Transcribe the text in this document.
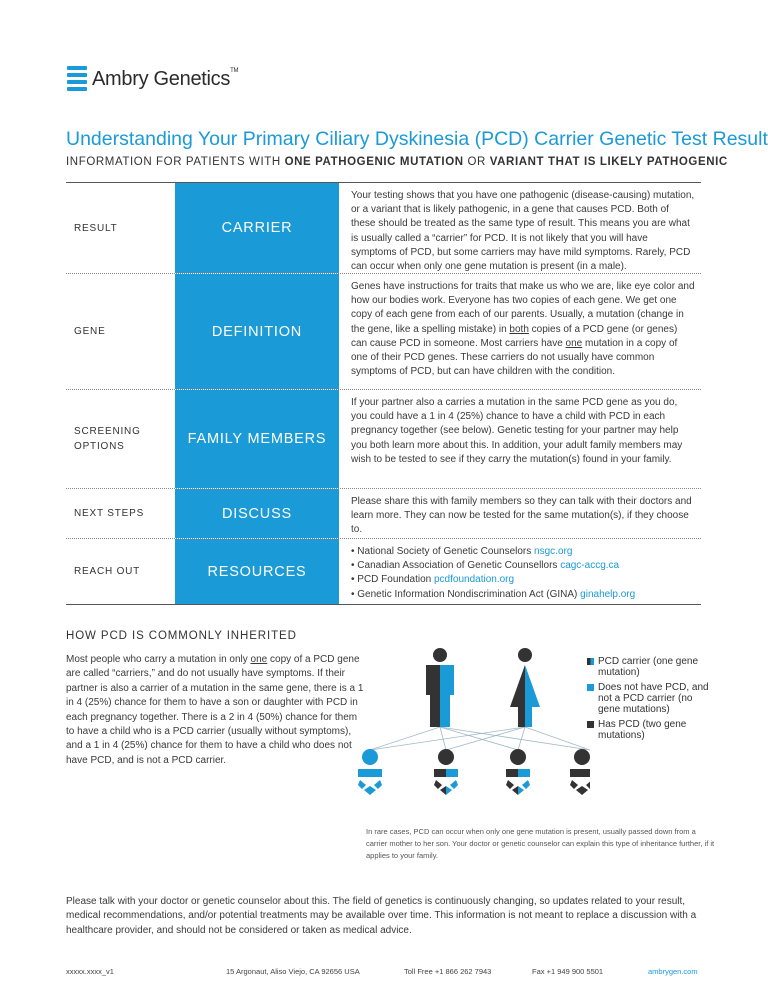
Ambry Genetics™
Understanding Your Primary Ciliary Dyskinesia (PCD) Carrier Genetic Test Result
INFORMATION FOR PATIENTS WITH ONE PATHOGENIC MUTATION OR VARIANT THAT IS LIKELY PATHOGENIC
RESULT	CARRIER
Your testing shows that you have one pathogenic (disease-causing) mutation, or a variant that is likely pathogenic, in a gene that causes PCD. Both of these should be treated as the same type of result. This means you are what is usually called a “carrier” for PCD. It is not likely that you will have symptoms of PCD, but some carriers may have mild symptoms. Rarely, PCD can occur when only one gene mutation is present (in a male).
GENE	DEFINITION
Genes have instructions for traits that make us who we are, like eye color and how our bodies work. Everyone has two copies of each gene. We get one copy of each gene from each of our parents. Usually, a mutation (change in the gene, like a spelling mistake) in both copies of a PCD gene (or genes) can cause PCD in someone. Most carriers have one mutation in a copy of one of their PCD genes. These carriers do not usually have common symptoms of PCD, but can have children with the condition.
SCREENING
OPTIONS	FAMILY MEMBERS
If your partner also a carries a mutation in the same PCD gene as you do, you could have a 1 in 4 (25%) chance to have a child with PCD in each pregnancy together (see below). Genetic testing for your partner may help you both learn more about this. In addition, your adult family members may wish to be tested to see if they carry the mutation(s) found in your family.
NEXT STEPS	DISCUSS
Please share this with family members so they can talk with their doctors and learn more. They can now be tested for the same mutation(s), if they choose to.
REACH OUT	RESOURCES
• National Society of Genetic Counselors nsgc.org
• Canadian Association of Genetic Counsellors cagc-accg.ca
• PCD Foundation pcdfoundation.org
• Genetic Information Nondiscrimination Act (GINA) ginahelp.org
HOW PCD IS COMMONLY INHERITED
Most people who carry a mutation in only one copy of a PCD gene are called “carriers,” and do not usually have symptoms. If their partner is also a carrier of a mutation in the same gene, there is a 1 in 4 (25%) chance for them to have a son or daughter with PCD in each pregnancy together. There is a 2 in 4 (50%) chance for them to have a child who is a PCD carrier (usually without symptoms), and a 1 in 4 (25%) chance for them to have a child who does not have PCD, and is not a PCD carrier.
PCD carrier (one gene mutation)
Does not have PCD, and not a PCD carrier (no gene mutations)
Has PCD (two gene mutations)
In rare cases, PCD can occur when only one gene mutation is present, usually passed down from a carrier mother to her son. Your doctor or genetic counselor can explain this type of inheritance further, if it applies to your family.
Please talk with your doctor or genetic counselor about this. The field of genetics is continuously changing, so updates related to your result, medical recommendations, and/or potential treatments may be available over time. This information is not meant to replace a discussion with a healthcare provider, and should not be considered or taken as medical advice.
xxxxx.xxxx_v1	15 Argonaut, Aliso Viejo, CA 92656 USA	Toll Free +1 866 262 7943	Fax +1 949 900 5501	ambrygen.com
